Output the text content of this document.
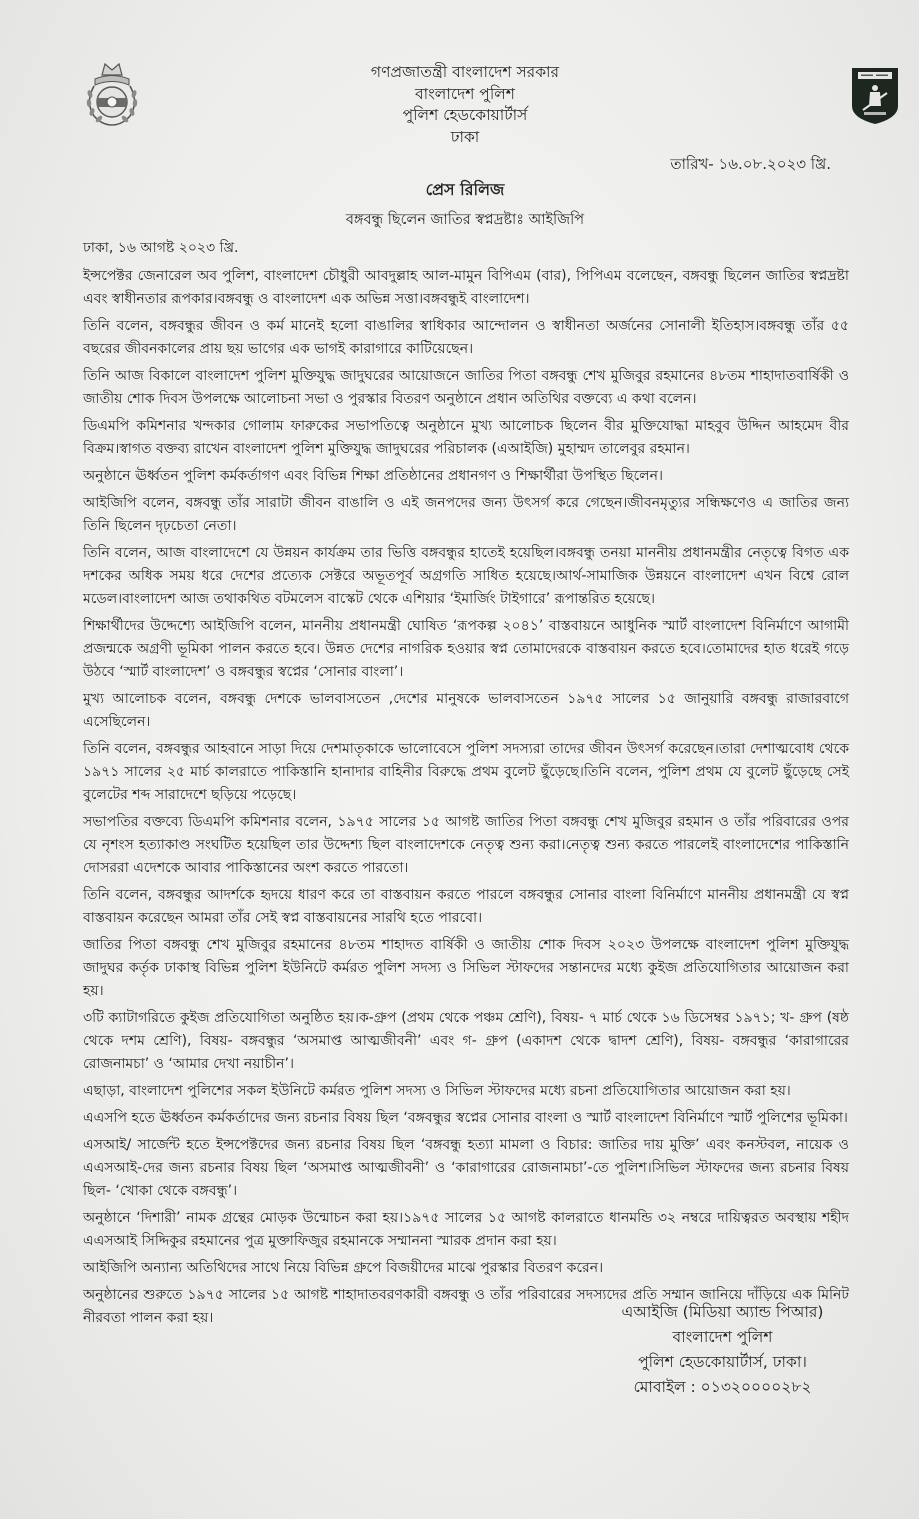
গণপ্রজাতন্ত্রী বাংলাদেশ সরকার
বাংলাদেশ পুলিশ
পুলিশ হেডকোয়ার্টার্স
ঢাকা
তারিখ- ১৬.০৮.২০২৩ খ্রি.
প্রেস রিলিজ
বঙ্গবন্ধু ছিলেন জাতির স্বপ্নদ্রষ্টাঃ আইজিপি

ঢাকা, ১৬ আগষ্ট ২০২৩ খ্রি.

ইন্সপেক্টর জেনারেল অব পুলিশ, বাংলাদেশ চৌধুরী আবদুল্লাহ আল-মামুন বিপিএম (বার), পিপিএম বলেছেন, বঙ্গবন্ধু ছিলেন জাতির স্বপ্নদ্রষ্টা এবং স্বাধীনতার রূপকার।বঙ্গবন্ধু ও বাংলাদেশ এক অভিন্ন সত্তা।বঙ্গবন্ধুই বাংলাদেশ।

তিনি বলেন, বঙ্গবন্ধুর জীবন ও কর্ম মানেই হলো বাঙালির স্বাধিকার আন্দোলন ও স্বাধীনতা অর্জনের সোনালী ইতিহাস।বঙ্গবন্ধু তাঁর ৫৫ বছরের জীবনকালের প্রায় ছয় ভাগের এক ভাগই কারাগারে কাটিয়েছেন।

তিনি আজ বিকালে বাংলাদেশ পুলিশ মুক্তিযুদ্ধ জাদুঘরের আয়োজনে জাতির পিতা বঙ্গবন্ধু শেখ মুজিবুর রহমানের ৪৮তম শাহাদাতবার্ষিকী ও জাতীয় শোক দিবস উপলক্ষে আলোচনা সভা ও পুরস্কার বিতরণ অনুষ্ঠানে প্রধান অতিথির বক্তব্যে এ কথা বলেন।

ডিএমপি কমিশনার খন্দকার গোলাম ফারুকের সভাপতিত্বে অনুষ্ঠানে মুখ্য আলোচক ছিলেন বীর মুক্তিযোদ্ধা মাহবুব উদ্দিন আহমেদ বীর বিক্রম।স্বাগত বক্তব্য রাখেন বাংলাদেশ পুলিশ মুক্তিযুদ্ধ জাদুঘরের পরিচালক (এআইজি) মুহাম্মদ তালেবুর রহমান।

অনুষ্ঠানে ঊর্ধ্বতন পুলিশ কর্মকর্তাগণ এবং বিভিন্ন শিক্ষা প্রতিষ্ঠানের প্রধানগণ ও শিক্ষার্থীরা উপস্থিত ছিলেন।

আইজিপি বলেন, বঙ্গবন্ধু তাঁর সারাটা জীবন বাঙালি ও এই জনপদের জন্য উৎসর্গ করে গেছেন।জীবনমৃত্যুর সন্ধিক্ষণেও এ জাতির জন্য তিনি ছিলেন দৃঢ়চেতা নেতা।

তিনি বলেন, আজ বাংলাদেশে যে উন্নয়ন কার্যক্রম তার ভিত্তি বঙ্গবন্ধুর হাতেই হয়েছিল।বঙ্গবন্ধু তনয়া মাননীয় প্রধানমন্ত্রীর নেতৃত্বে বিগত এক দশকের অধিক সময় ধরে দেশের প্রত্যেক সেক্টরে অভূতপূর্ব অগ্রগতি সাধিত হয়েছে।আর্থ-সামাজিক উন্নয়নে বাংলাদেশ এখন বিশ্বে রোল মডেল।বাংলাদেশ আজ তথাকথিত বটমলেস বাস্কেট থেকে এশিয়ার ‘ইমার্জিং টাইগারে’ রূপান্তরিত হয়েছে।

শিক্ষার্থীদের উদ্দেশ্যে আইজিপি বলেন, মাননীয় প্রধানমন্ত্রী ঘোষিত ‘রূপকল্প ২০৪১’ বাস্তবায়নে আধুনিক স্মার্ট বাংলাদেশ বিনির্মাণে আগামী প্রজন্মকে অগ্রণী ভূমিকা পালন করতে হবে। উন্নত দেশের নাগরিক হওয়ার স্বপ্ন তোমাদেরকে বাস্তবায়ন করতে হবে।তোমাদের হাত ধরেই গড়ে উঠবে ‘স্মার্ট বাংলাদেশ’ ও বঙ্গবন্ধুর স্বপ্নের ‘সোনার বাংলা’।

মুখ্য আলোচক বলেন, বঙ্গবন্ধু দেশকে ভালবাসতেন ,দেশের মানুষকে ভালবাসতেন ১৯৭৫ সালের ১৫ জানুয়ারি বঙ্গবন্ধু রাজারবাগে এসেছিলেন।

তিনি বলেন, বঙ্গবন্ধুর আহবানে সাড়া দিয়ে দেশমাতৃকাকে ভালোবেসে পুলিশ সদস্যরা তাদের জীবন উৎসর্গ করেছেন।তারা দেশাত্মবোধ থেকে ১৯৭১ সালের ২৫ মার্চ কালরাতে পাকিস্তানি হানাদার বাহিনীর বিরুদ্ধে প্রথম বুলেট ছুঁড়েছে।তিনি বলেন, পুলিশ প্রথম যে বুলেট ছুঁড়েছে সেই বুলেটের শব্দ সারাদেশে ছড়িয়ে পড়েছে।

সভাপতির বক্তব্যে ডিএমপি কমিশনার বলেন, ১৯৭৫ সালের ১৫ আগষ্ট জাতির পিতা বঙ্গবন্ধু শেখ মুজিবুর রহমান ও তাঁর পরিবারের ওপর যে নৃশংস হত্যাকাণ্ড সংঘটিত হয়েছিল তার উদ্দেশ্য ছিল বাংলাদেশকে নেতৃত্ব শুন্য করা।নেতৃত্ব শুন্য করতে পারলেই বাংলাদেশের পাকিস্তানি দোসররা এদেশকে আবার পাকিস্তানের অংশ করতে পারতো।

তিনি বলেন, বঙ্গবন্ধুর আদর্শকে হৃদয়ে ধারণ করে তা বাস্তবায়ন করতে পারলে বঙ্গবন্ধুর সোনার বাংলা বিনির্মাণে মাননীয় প্রধানমন্ত্রী যে স্বপ্ন বাস্তবায়ন করেছেন আমরা তাঁর সেই স্বপ্ন বাস্তবায়নের সারথি হতে পারবো।

জাতির পিতা বঙ্গবন্ধু শেখ মুজিবুর রহমানের ৪৮তম শাহাদত বার্ষিকী ও জাতীয় শোক দিবস ২০২৩ উপলক্ষে বাংলাদেশ পুলিশ মুক্তিযুদ্ধ জাদুঘর কর্তৃক ঢাকাস্থ বিভিন্ন পুলিশ ইউনিটে কর্মরত পুলিশ সদস্য ও সিভিল স্টাফদের সন্তানদের মধ্যে কুইজ প্রতিযোগিতার আয়োজন করা হয়।

৩টি ক্যাটাগরিতে কুইজ প্রতিযোগিতা অনুষ্ঠিত হয়।ক-গ্রুপ (প্রথম থেকে পঞ্চম শ্রেণি), বিষয়- ৭ মার্চ থেকে ১৬ ডিসেম্বর ১৯৭১; খ- গ্রুপ (ষষ্ঠ থেকে দশম শ্রেণি), বিষয়- বঙ্গবন্ধুর ‘অসমাপ্ত আত্মজীবনী’ এবং গ- গ্রুপ (একাদশ থেকে দ্বাদশ শ্রেণি), বিষয়- বঙ্গবন্ধুর ‘কারাগারের রোজনামচা’ ও ‘আমার দেখা নয়াচীন’।

এছাড়া, বাংলাদেশ পুলিশের সকল ইউনিটে কর্মরত পুলিশ সদস্য ও সিভিল স্টাফদের মধ্যে রচনা প্রতিযোগিতার আয়োজন করা হয়।

এএসপি হতে ঊর্ধ্বতন কর্মকর্তাদের জন্য রচনার বিষয় ছিল ‘বঙ্গবন্ধুর স্বপ্নের সোনার বাংলা ও স্মার্ট বাংলাদেশ বিনির্মাণে স্মার্ট পুলিশের ভূমিকা।

এসআই/ সার্জেন্ট হতে ইন্সপেক্টদের জন্য রচনার বিষয় ছিল ‘বঙ্গবন্ধু হত্যা মামলা ও বিচার: জাতির দায় মুক্তি’ এবং কনস্টবল, নায়েক ও এএসআই-দের জন্য রচনার বিষয় ছিল ‘অসমাপ্ত আত্মজীবনী’ ও ‘কারাগারের রোজনামচা’-তে পুলিশ।সিভিল স্টাফদের জন্য রচনার বিষয় ছিল- ‘খোকা থেকে বঙ্গবন্ধু’।

অনুষ্ঠানে ‘দিশারী’ নামক গ্রন্থের মোড়ক উন্মোচন করা হয়।১৯৭৫ সালের ১৫ আগষ্ট কালরাতে ধানমন্ডি ৩২ নম্বরে দায়িত্বরত অবস্থায় শহীদ এএসআই সিদ্দিকুর রহমানের পুত্র মুক্তাফিজুর রহমানকে সম্মাননা স্মারক প্রদান করা হয়।

আইজিপি অন্যান্য অতিথিদের সাথে নিয়ে বিভিন্ন গ্রুপে বিজয়ীদের মাঝে পুরস্কার বিতরণ করেন।

অনুষ্ঠানের শুরুতে ১৯৭৫ সালের ১৫ আগষ্ট শাহাদাতবরণকারী বঙ্গবন্ধু ও তাঁর পরিবারের সদস্যদের প্রতি সম্মান জানিয়ে দাঁড়িয়ে এক মিনিট নীরবতা পালন করা হয়।	এআইজি (মিডিয়া অ্যান্ড পিআর)
বাংলাদেশ পুলিশ
পুলিশ হেডকোয়ার্টার্স, ঢাকা।
মোবাইল : ০১৩২০০০০২৮২
